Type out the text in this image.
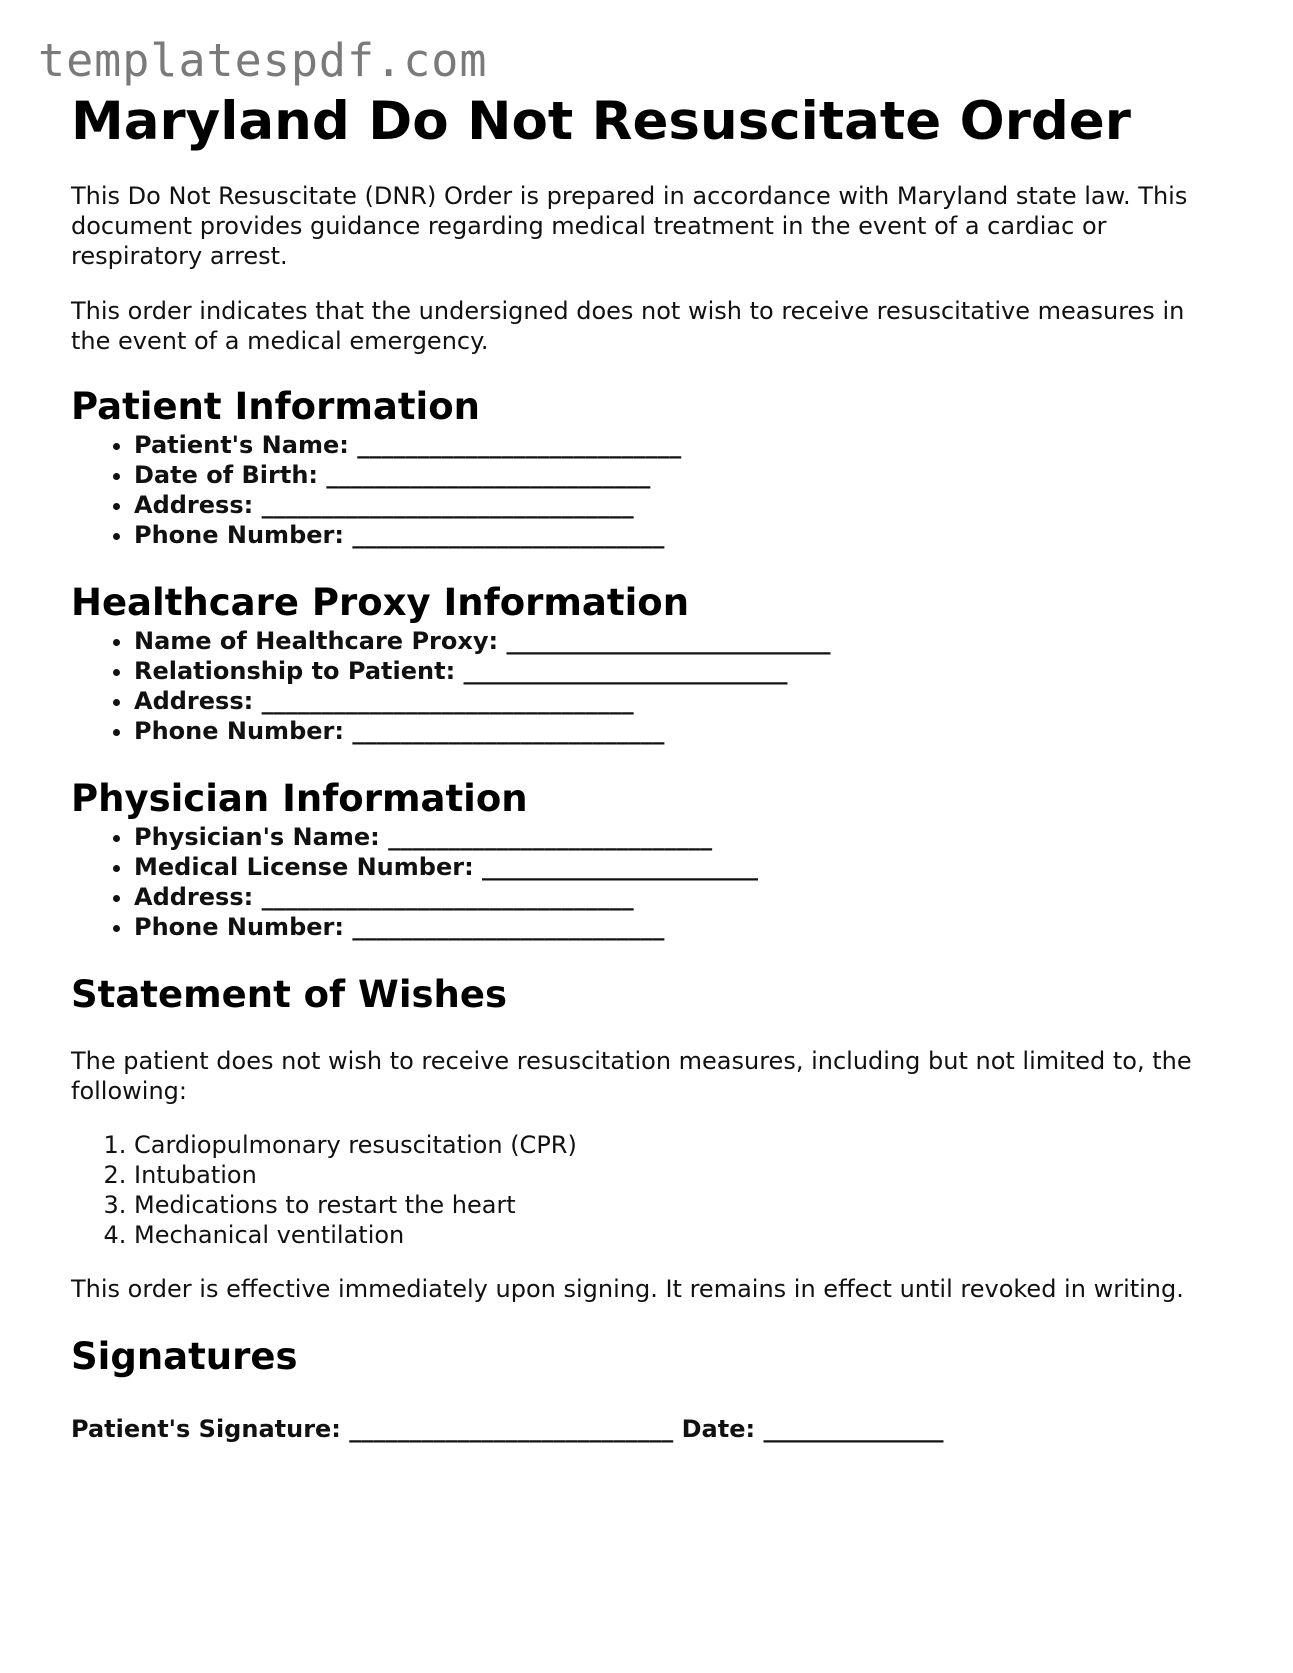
templatespdf.com
Maryland Do Not Resuscitate Order

This Do Not Resuscitate (DNR) Order is prepared in accordance with Maryland state law. This document provides guidance regarding medical treatment in the event of a cardiac or respiratory arrest.

This order indicates that the undersigned does not wish to receive resuscitative measures in the event of a medical emergency.

Patient Information
• Patient's Name: ___________________________
• Date of Birth: ___________________________
• Address: _______________________________
• Phone Number: __________________________
Healthcare Proxy Information
• Name of Healthcare Proxy: ___________________________
• Relationship to Patient: ___________________________
• Address: _______________________________
• Phone Number: __________________________
Physician Information
• Physician's Name: ___________________________
• Medical License Number: _______________________
• Address: _______________________________
• Phone Number: __________________________
Statement of Wishes

The patient does not wish to receive resuscitation measures, including but not limited to, the following:

1. Cardiopulmonary resuscitation (CPR)
2. Intubation
3. Medications to restart the heart
4. Mechanical ventilation

This order is effective immediately upon signing. It remains in effect until revoked in writing.

Signatures
Patient's Signature: ___________________________ Date: _______________
